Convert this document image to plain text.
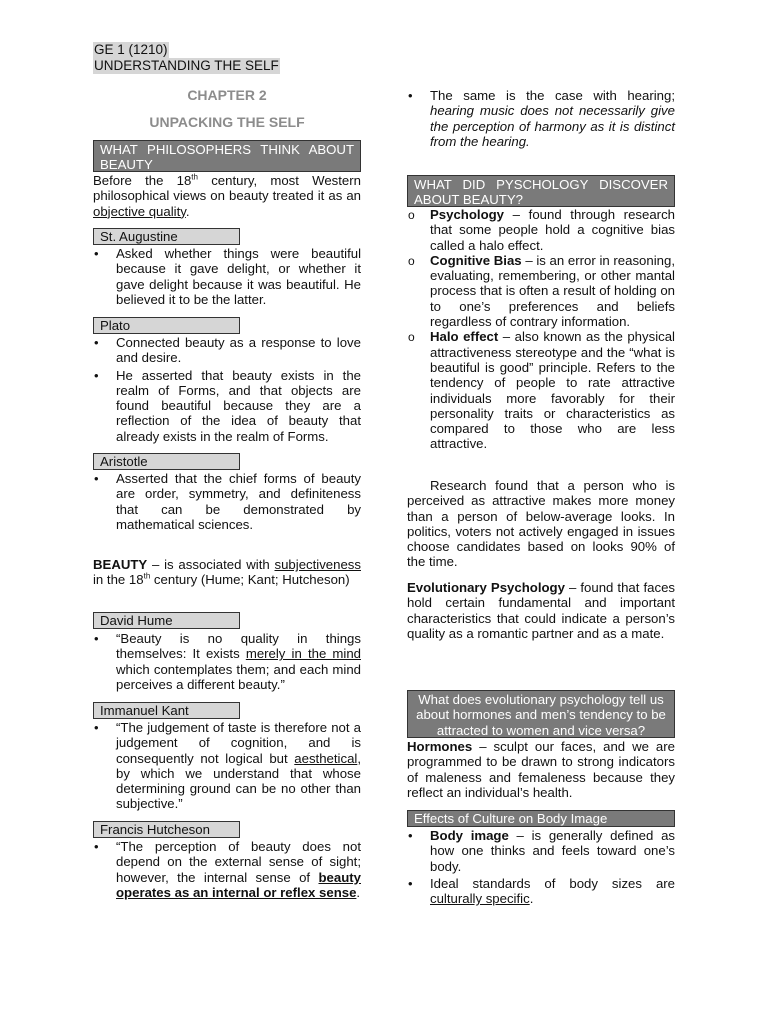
GE 1 (1210)
UNDERSTANDING THE SELF
CHAPTER 2
UNPACKING THE SELF
WHAT PHILOSOPHERS THINK ABOUT BEAUTY

Before the 18th century, most Western philosophical views on beauty treated it as an objective quality.

St. Augustine
•
Asked whether things were beautiful because it gave delight, or whether it gave delight because it was beautiful. He believed it to be the latter.
Plato
•
Connected beauty as a response to love and desire.
•
He asserted that beauty exists in the realm of Forms, and that objects are found beautiful because they are a reflection of the idea of beauty that already exists in the realm of Forms.
Aristotle
•
Asserted that the chief forms of beauty are order, symmetry, and definiteness that can be demonstrated by mathematical sciences.

BEAUTY – is associated with subjectiveness in the 18th century (Hume; Kant; Hutcheson)

David Hume
•
“Beauty is no quality in things themselves: It exists merely in the mind which contemplates them; and each mind perceives a different beauty.”
Immanuel Kant
•
“The judgement of taste is therefore not a judgement of cognition, and is consequently not logical but aesthetical, by which we understand that whose determining ground can be no other than subjective.”
Francis Hutcheson
•
“The perception of beauty does not depend on the external sense of sight; however, the internal sense of beauty operates as an internal or reflex sense.
•
The same is the case with hearing; hearing music does not necessarily give the perception of harmony as it is distinct from the hearing.
WHAT DID PYSCHOLOGY DISCOVER ABOUT BEAUTY?
o
Psychology – found through research that some people hold a cognitive bias called a halo effect.
o
Cognitive Bias – is an error in reasoning, evaluating, remembering, or other mantal process that is often a result of holding on to one’s preferences and beliefs regardless of contrary information.
o
Halo effect – also known as the physical attractiveness stereotype and the “what is beautiful is good” principle. Refers to the tendency of people to rate attractive individuals more favorably for their personality traits or characteristics as compared to those who are less attractive.

Research found that a person who is perceived as attractive makes more money than a person of below-average looks. In politics, voters not actively engaged in issues choose candidates based on looks 90% of the time.

Evolutionary Psychology – found that faces hold certain fundamental and important characteristics that could indicate a person’s quality as a romantic partner and as a mate.

What does evolutionary psychology tell us about hormones and men’s tendency to be attracted to women and vice versa?

Hormones – sculpt our faces, and we are programmed to be drawn to strong indicators of maleness and femaleness because they reflect an individual’s health.

Effects of Culture on Body Image
•
Body image – is generally defined as how one thinks and feels toward one’s body.
•
Ideal standards of body sizes are culturally specific.
